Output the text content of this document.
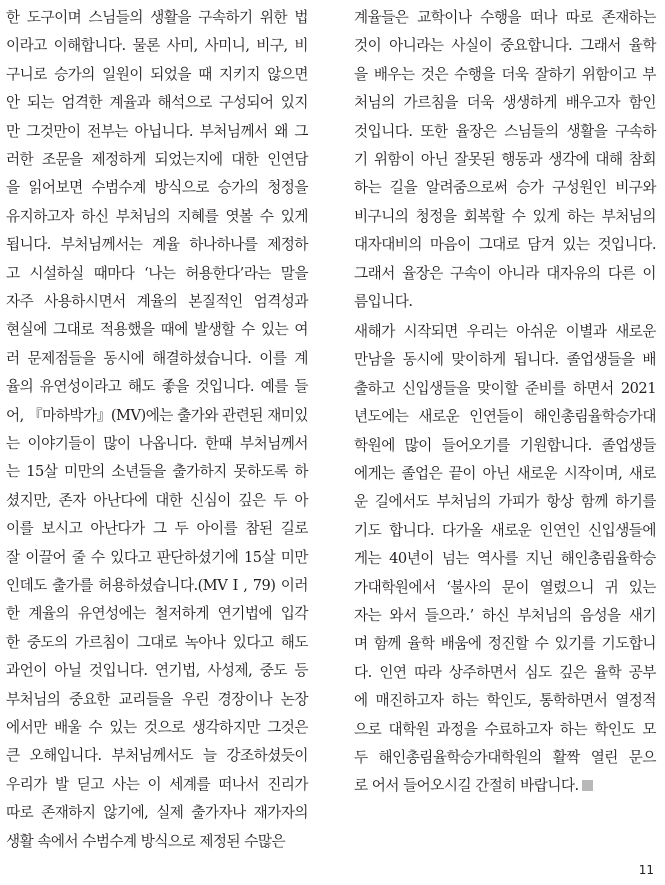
한 도구이며 스님들의 생활을 구속하기 위한 법
이라고 이해합니다. 물론 사미, 사미니, 비구, 비
구니로 승가의 일원이 되었을 때 지키지 않으면
안 되는 엄격한 계율과 해석으로 구성되어 있지
만 그것만이 전부는 아닙니다. 부처님께서 왜 그
러한 조문을 제정하게 되었는지에 대한 인연담
을 읽어보면 수범수계 방식으로 승가의 청정을
유지하고자 하신 부처님의 지혜를 엿볼 수 있게
됩니다. 부처님께서는 계율 하나하나를 제정하
고 시설하실 때마다 ‘나는 허용한다’라는 말을
자주 사용하시면서 계율의 본질적인 엄격성과
현실에 그대로 적용했을 때에 발생할 수 있는 여
러 문제점들을 동시에 해결하셨습니다. 이를 계
율의 유연성이라고 해도 좋을 것입니다. 예를 들
어, 『마하박가』(MV)에는 출가와 관련된 재미있
는 이야기들이 많이 나옵니다. 한때 부처님께서
는 15살 미만의 소년들을 출가하지 못하도록 하
셨지만, 존자 아난다에 대한 신심이 깊은 두 아
이를 보시고 아난다가 그 두 아이를 참된 길로
잘 이끌어 줄 수 있다고 판단하셨기에 15살 미만
인데도 출가를 허용하셨습니다.(MV I , 79) 이러
한 계율의 유연성에는 철저하게 연기법에 입각
한 중도의 가르침이 그대로 녹아나 있다고 해도
과언이 아닐 것입니다. 연기법, 사성제, 중도 등
부처님의 중요한 교리들을 우린 경장이나 논장
에서만 배울 수 있는 것으로 생각하지만 그것은
큰 오해입니다. 부처님께서도 늘 강조하셨듯이
우리가 발 딛고 사는 이 세계를 떠나서 진리가
따로 존재하지 않기에, 실제 출가자나 재가자의
생활 속에서 수범수계 방식으로 제정된 수많은
계율들은 교학이나 수행을 떠나 따로 존재하는
것이 아니라는 사실이 중요합니다. 그래서 율학
을 배우는 것은 수행을 더욱 잘하기 위함이고 부
처님의 가르침을 더욱 생생하게 배우고자 함인
것입니다. 또한 율장은 스님들의 생활을 구속하
기 위함이 아닌 잘못된 행동과 생각에 대해 참회
하는 길을 알려줌으로써 승가 구성원인 비구와
비구니의 청정을 회복할 수 있게 하는 부처님의
대자대비의 마음이 그대로 담겨 있는 것입니다.
그래서 율장은 구속이 아니라 대자유의 다른 이
름입니다.
새해가 시작되면 우리는 아쉬운 이별과 새로운
만남을 동시에 맞이하게 됩니다. 졸업생들을 배
출하고 신입생들을 맞이할 준비를 하면서 2021
년도에는 새로운 인연들이 해인총림율학승가대
학원에 많이 들어오기를 기원합니다. 졸업생들
에게는 졸업은 끝이 아닌 새로운 시작이며, 새로
운 길에서도 부처님의 가피가 항상 함께 하기를
기도 합니다. 다가올 새로운 인연인 신입생들에
게는 40년이 넘는 역사를 지닌 해인총림율학승
가대학원에서 ‘불사의 문이 열렸으니 귀 있는
자는 와서 들으라.’ 하신 부처님의 음성을 새기
며 함께 율학 배움에 정진할 수 있기를 기도합니
다. 인연 따라 상주하면서 심도 깊은 율학 공부
에 매진하고자 하는 학인도, 통학하면서 열정적
으로 대학원 과정을 수료하고자 하는 학인도 모
두 해인총림율학승가대학원의 활짝 열린 문으
로 어서 들어오시길 간절히 바랍니다.
11
